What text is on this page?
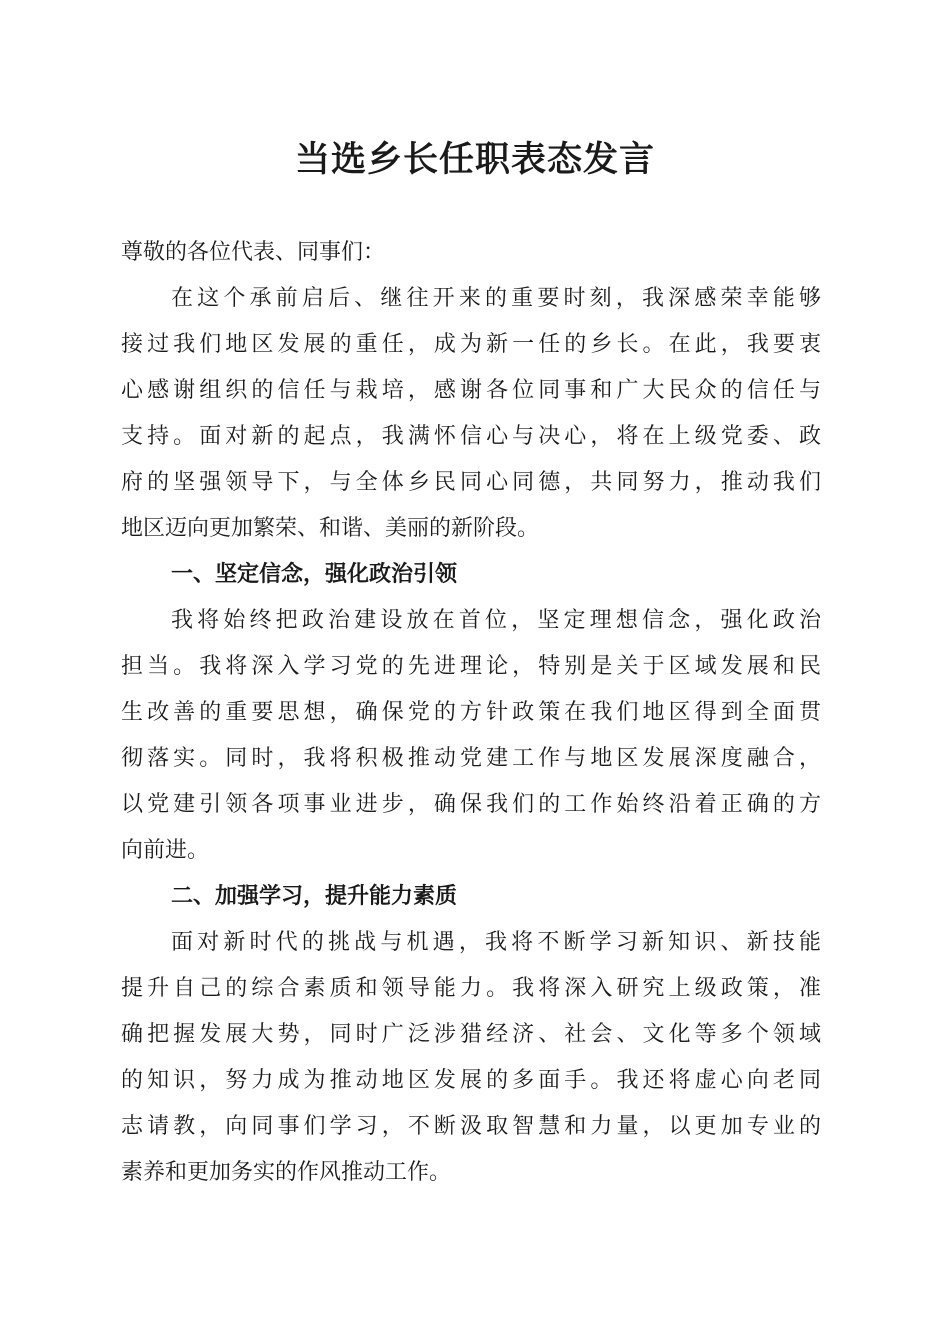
当选乡长任职表态发言
尊敬的各位代表、同事们：
在这个承前启后、继往开来的重要时刻，我深感荣幸能够
接过我们地区发展的重任，成为新一任的乡长。在此，我要衷
心感谢组织的信任与栽培，感谢各位同事和广大民众的信任与
支持。面对新的起点，我满怀信心与决心，将在上级党委、政
府的坚强领导下，与全体乡民同心同德，共同努力，推动我们
地区迈向更加繁荣、和谐、美丽的新阶段。
一、坚定信念，强化政治引领
我将始终把政治建设放在首位，坚定理想信念，强化政治
担当。我将深入学习党的先进理论，特别是关于区域发展和民
生改善的重要思想，确保党的方针政策在我们地区得到全面贯
彻落实。同时，我将积极推动党建工作与地区发展深度融合，
以党建引领各项事业进步，确保我们的工作始终沿着正确的方
向前进。
二、加强学习，提升能力素质
面对新时代的挑战与机遇，我将不断学习新知识、新技能
提升自己的综合素质和领导能力。我将深入研究上级政策，准
确把握发展大势，同时广泛涉猎经济、社会、文化等多个领域
的知识，努力成为推动地区发展的多面手。我还将虚心向老同
志请教，向同事们学习，不断汲取智慧和力量，以更加专业的
素养和更加务实的作风推动工作。
